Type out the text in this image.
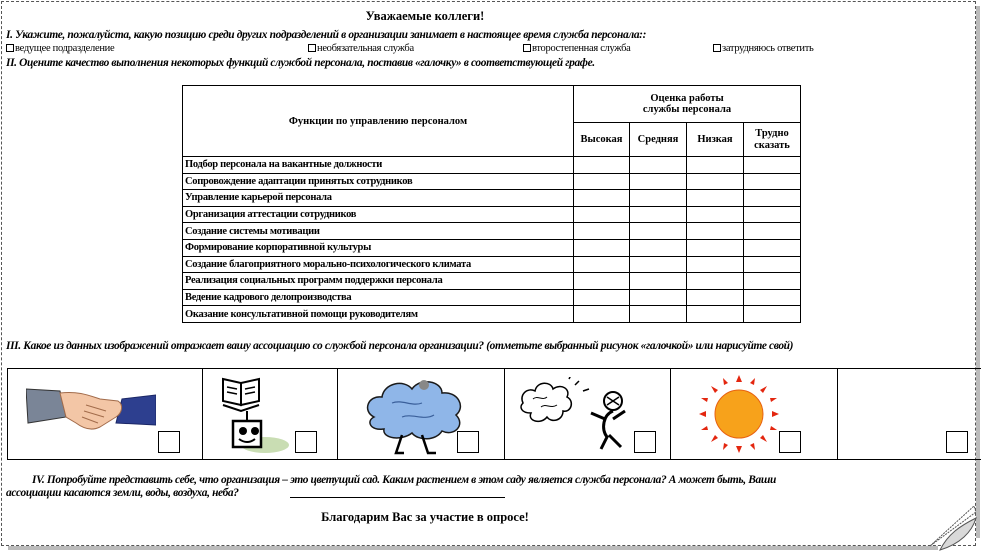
Уважаемые коллеги!
I. Укажите, пожалуйста, какую позицию среди других подразделений в организации занимает в настоящее время служба персонала::
ведущее подразделение	необязательная служба	второстепенная служба	затрудняюсь ответить
II. Оцените качество выполнения некоторых функций службой персонала, поставив «галочку» в соответствующей графе.
Функции по управлению персоналом	Оценка работы
службы персонала			
	Высокая	Средняя	Низкая	Трудно
сказать
Подбор персонала на вакантные должности				
Сопровождение адаптации принятых сотрудников				
Управление карьерой персонала				
Организация аттестации сотрудников				
Создание системы мотивации				
Формирование корпоративной культуры				
Создание благоприятного морально-психологического климата				
Реализация социальных программ поддержки персонала				
Ведение кадрового делопроизводства				
Оказание консультативной помощи руководителям				
III. Какое из данных изображений отражает вашу ассоциацию со службой персонала организации? (отметьте выбранный рисунок «галочкой» или нарисуйте свой)

IV. Попробуйте представить себе, что организация – это цветущий сад. Каким растением в этом саду является служба персонала? А может быть, Ваши
ассоциации касаются земли, воды, воздуха, неба?
Благодарим Вас за участие в опросе!
